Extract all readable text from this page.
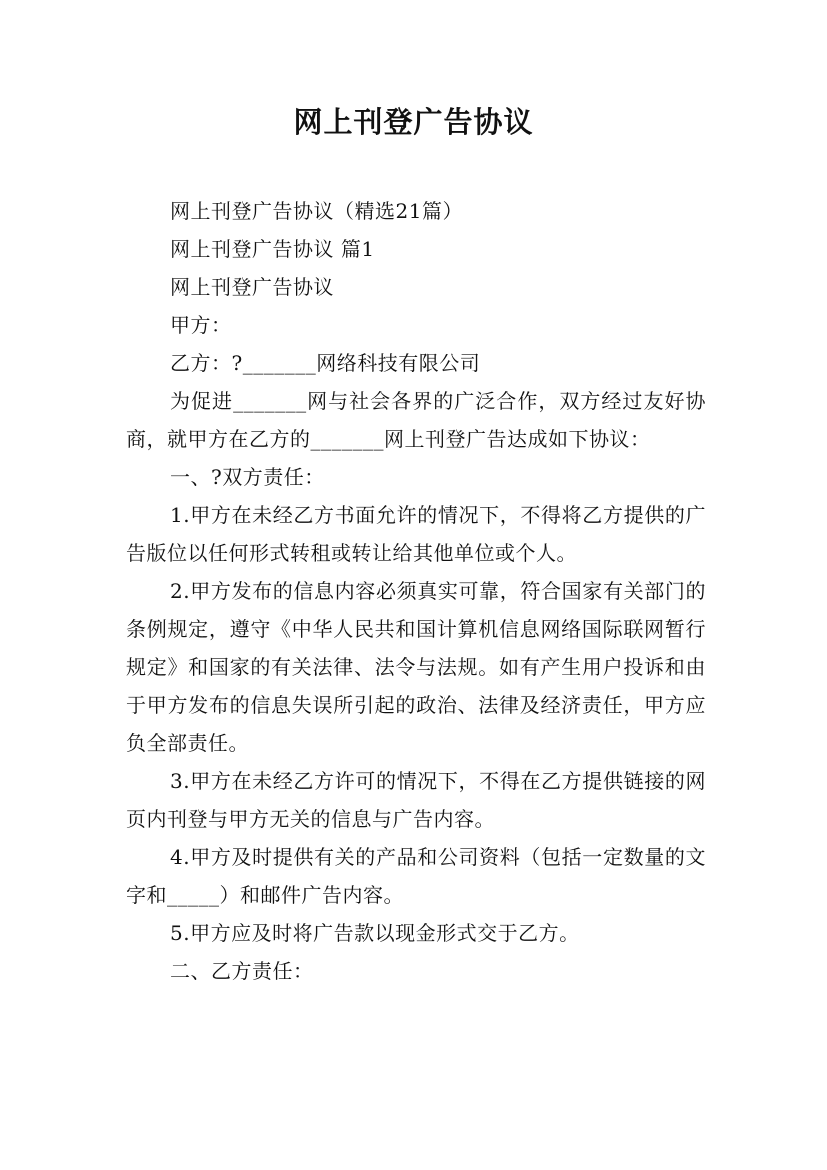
网上刊登广告协议

网上刊登广告协议（精选21篇）

网上刊登广告协议 篇1

网上刊登广告协议

甲方：

乙方：?_______网络科技有限公司

为促进_______网与社会各界的广泛合作，双方经过友好协商，就甲方在乙方的_______网上刊登广告达成如下协议：

一、?双方责任：

1.甲方在未经乙方书面允许的情况下，不得将乙方提供的广告版位以任何形式转租或转让给其他单位或个人。

2.甲方发布的信息内容必须真实可靠，符合国家有关部门的条例规定，遵守《中华人民共和国计算机信息网络国际联网暂行规定》和国家的有关法律、法令与法规。如有产生用户投诉和由于甲方发布的信息失误所引起的政治、法律及经济责任，甲方应负全部责任。

3.甲方在未经乙方许可的情况下，不得在乙方提供链接的网页内刊登与甲方无关的信息与广告内容。

4.甲方及时提供有关的产品和公司资料（包括一定数量的文字和_____）和邮件广告内容。

5.甲方应及时将广告款以现金形式交于乙方。

二、乙方责任：
